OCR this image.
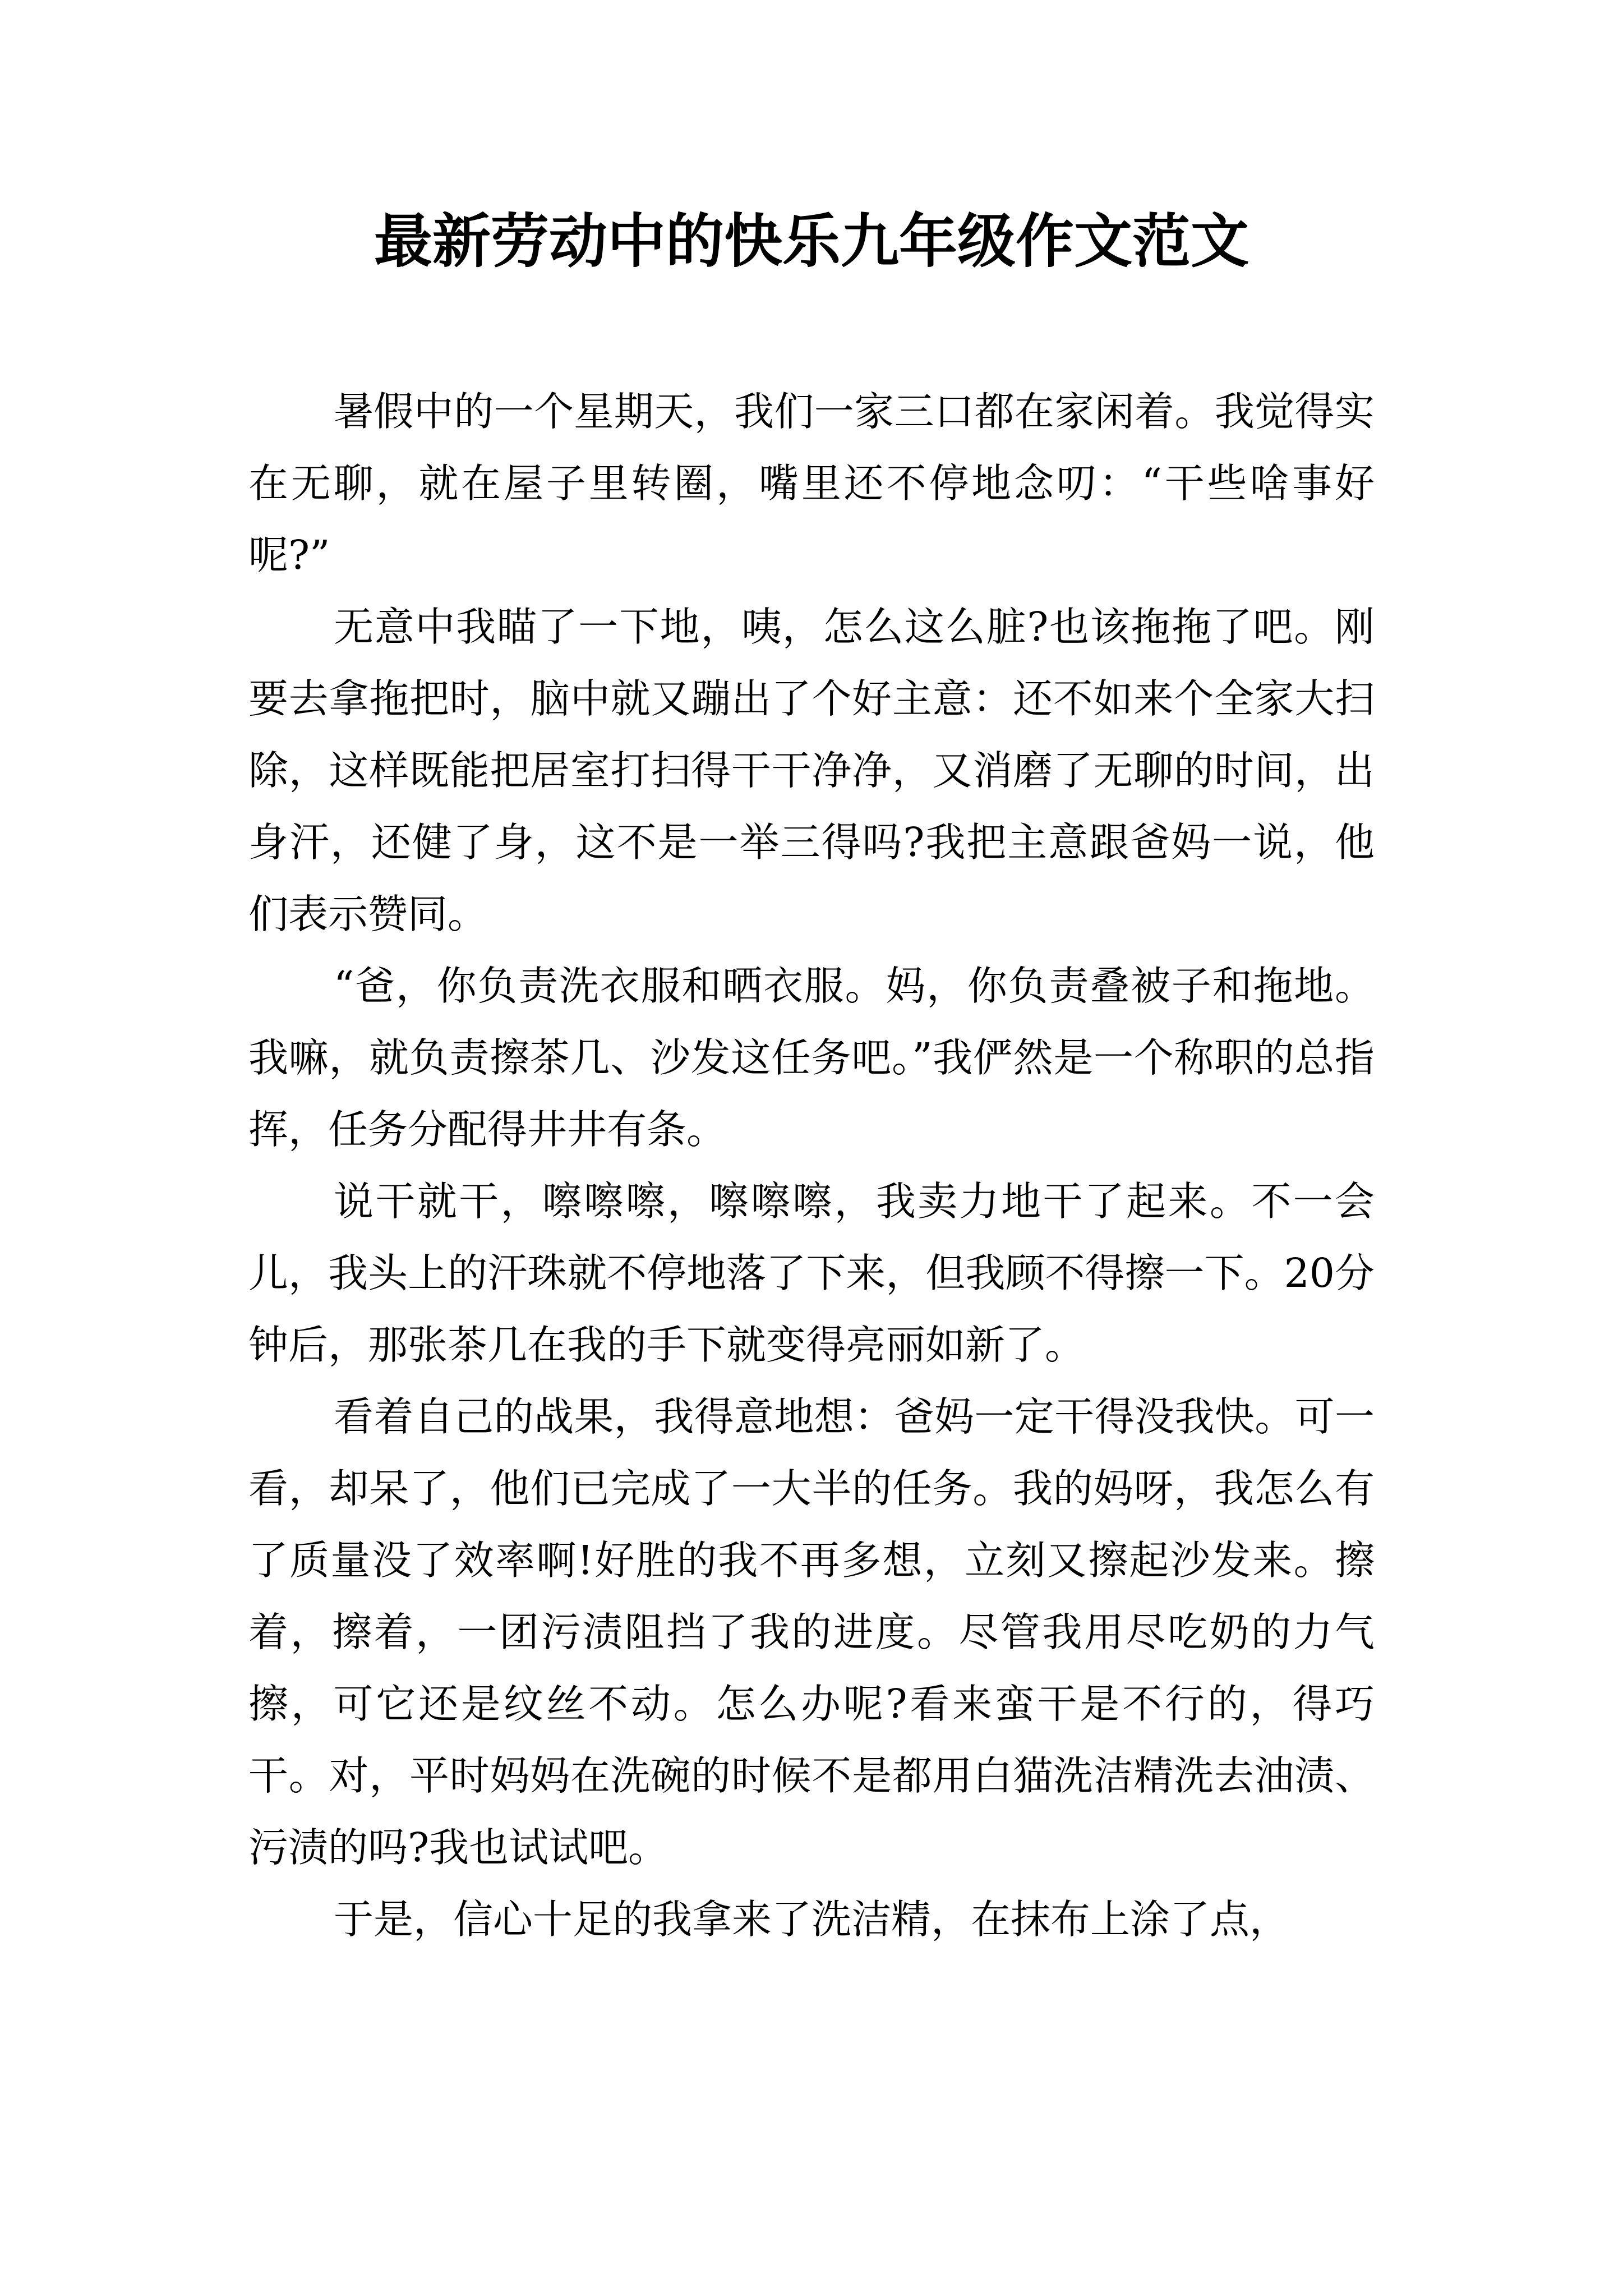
最新劳动中的快乐九年级作文范文

暑假中的一个星期天，我们一家三口都在家闲着。我觉得实在无聊，就在屋子里转圈，嘴里还不停地念叨：“干些啥事好呢?”

无意中我瞄了一下地，咦，怎么这么脏?也该拖拖了吧。刚要去拿拖把时，脑中就又蹦出了个好主意：还不如来个全家大扫除，这样既能把居室打扫得干干净净，又消磨了无聊的时间，出身汗，还健了身，这不是一举三得吗?我把主意跟爸妈一说，他们表示赞同。

“爸，你负责洗衣服和晒衣服。妈，你负责叠被子和拖地。我嘛，就负责擦茶几、沙发这任务吧。”我俨然是一个称职的总指挥，任务分配得井井有条。

说干就干，嚓嚓嚓，嚓嚓嚓，我卖力地干了起来。不一会儿，我头上的汗珠就不停地落了下来，但我顾不得擦一下。20分钟后，那张茶几在我的手下就变得亮丽如新了。

看着自己的战果，我得意地想：爸妈一定干得没我快。可一看，却呆了，他们已完成了一大半的任务。我的妈呀，我怎么有了质量没了效率啊!好胜的我不再多想，立刻又擦起沙发来。擦着，擦着，一团污渍阻挡了我的进度。尽管我用尽吃奶的力气擦，可它还是纹丝不动。怎么办呢?看来蛮干是不行的，得巧干。对，平时妈妈在洗碗的时候不是都用白猫洗洁精洗去油渍、污渍的吗?我也试试吧。

于是，信心十足的我拿来了洗洁精，在抹布上涂了点，
